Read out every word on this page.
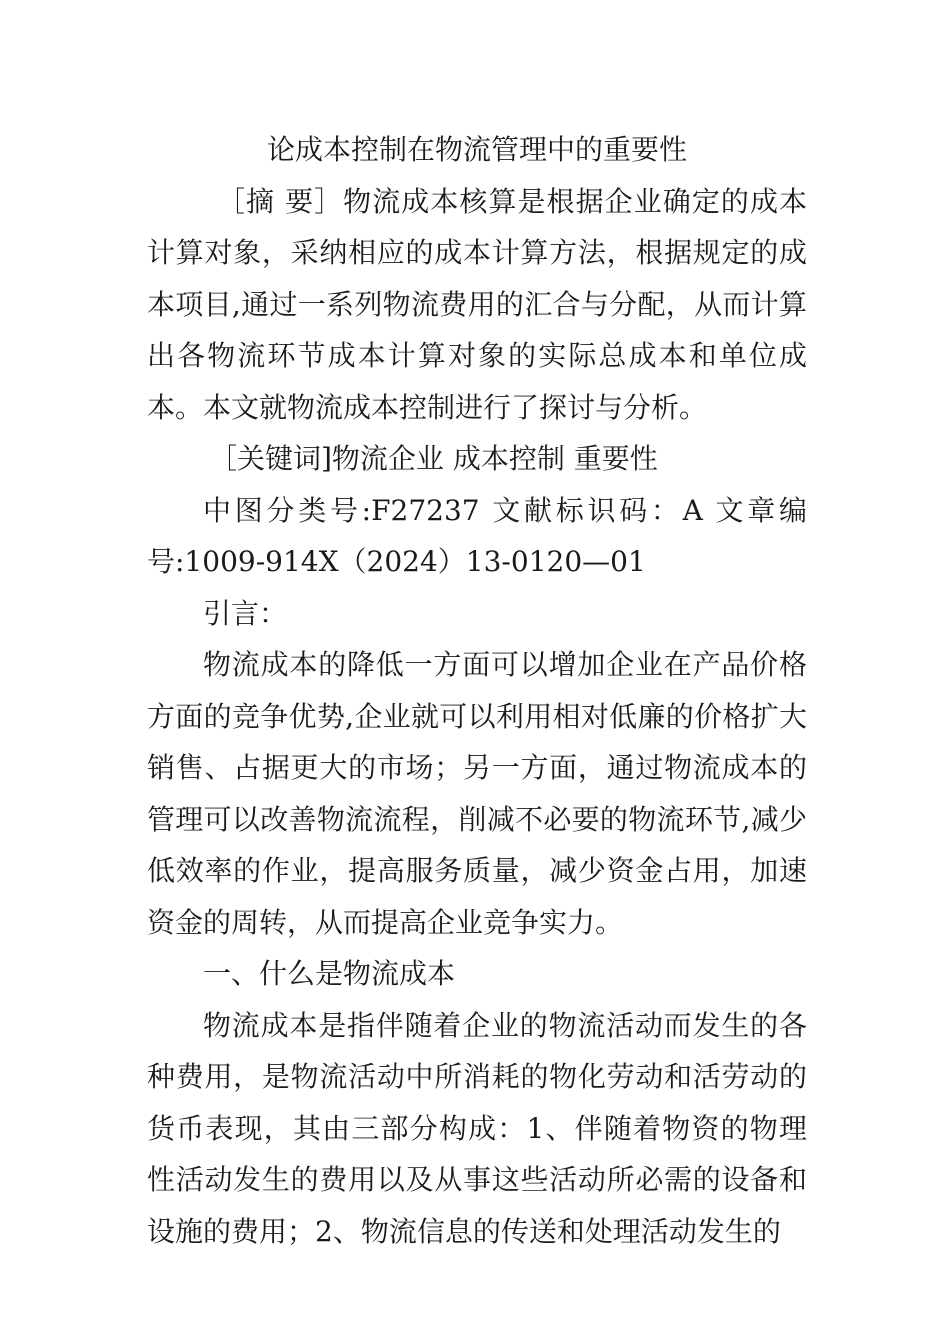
论成本控制在物流管理中的重要性

［摘 要］物流成本核算是根据企业确定的成本计算对象，采纳相应的成本计算方法，根据规定的成本项目,通过一系列物流费用的汇合与分配，从而计算出各物流环节成本计算对象的实际总成本和单位成本。本文就物流成本控制进行了探讨与分析。

［关键词]物流企业 成本控制 重要性

中图分类号:F27237 文献标识码：A 文章编号:1009-914X（2024）13-0120—01

引言：

物流成本的降低一方面可以增加企业在产品价格方面的竞争优势,企业就可以利用相对低廉的价格扩大销售、占据更大的市场；另一方面，通过物流成本的管理可以改善物流流程，削减不必要的物流环节,减少低效率的作业，提高服务质量，减少资金占用，加速资金的周转，从而提高企业竞争实力。

一、什么是物流成本

物流成本是指伴随着企业的物流活动而发生的各种费用，是物流活动中所消耗的物化劳动和活劳动的货币表现，其由三部分构成：1、伴随着物资的物理性活动发生的费用以及从事这些活动所必需的设备和设施的费用；2、物流信息的传送和处理活动发生的
